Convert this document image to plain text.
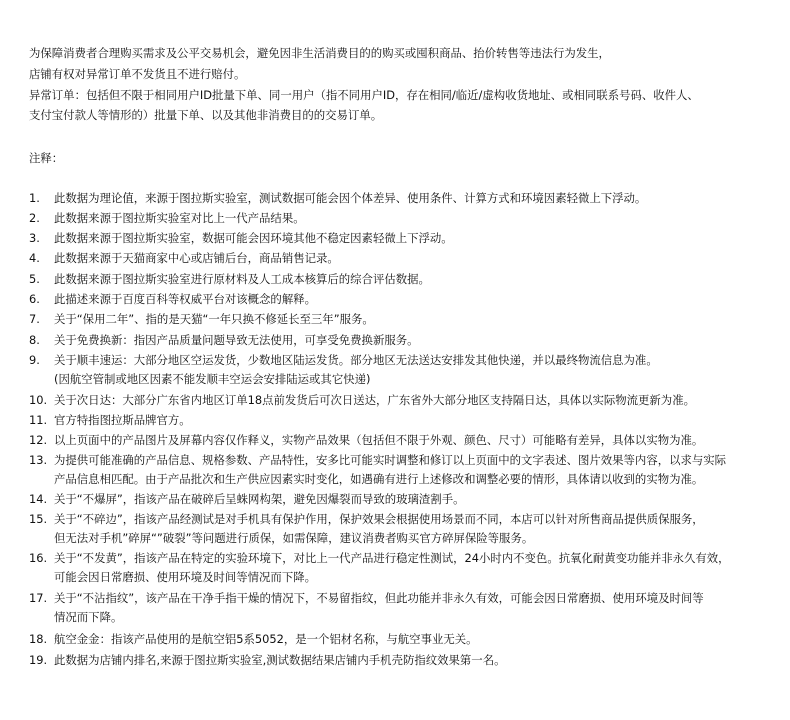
为保障消费者合理购买需求及公平交易机会，避免因非生活消费目的的购买或囤积商品、抬价转售等违法行为发生，
店铺有权对异常订单不发货且不进行赔付。
异常订单：包括但不限于相同用户ID批量下单、同一用户（指不同用户ID，存在相同/临近/虚构收货地址、或相同联系号码、收件人、
支付宝付款人等情形的）批量下单、以及其他非消费目的的交易订单。
注释：
1.	此数据为理论值，来源于图拉斯实验室，测试数据可能会因个体差异、使用条件、计算方式和环境因素轻微上下浮动。
2.	此数据来源于图拉斯实验室对比上一代产品结果。
3.	此数据来源于图拉斯实验室，数据可能会因环境其他不稳定因素轻微上下浮动。
4.	此数据来源于天猫商家中心或店铺后台，商品销售记录。
5.	此数据来源于图拉斯实验室进行原材料及人工成本核算后的综合评估数据。
6.	此描述来源于百度百科等权威平台对该概念的解释。
7.	关于“保用二年”、指的是天猫“一年只换不修延长至三年”服务。
8.	关于免费换新：指因产品质量问题导致无法使用，可享受免费换新服务。
9.	关于顺丰速运：大部分地区空运发货，少数地区陆运发货。部分地区无法送达安排发其他快递，并以最终物流信息为准。
(因航空管制或地区因素不能发顺丰空运会安排陆运或其它快递)
10. 关于次日达：大部分广东省内地区订单18点前发货后可次日送达，广东省外大部分地区支持隔日达，具体以实际物流更新为准。
11. 官方特指图拉斯品牌官方。
12. 以上页面中的产品图片及屏幕内容仅作释义，实物产品效果（包括但不限于外观、颜色、尺寸）可能略有差异，具体以实物为准。
13. 为提供可能准确的产品信息、规格参数、产品特性，安多比可能实时调整和修订以上页面中的文字表述、图片效果等内容，以求与实际
产品信息相匹配。由于产品批次和生产供应因素实时变化，如遇确有进行上述修改和调整必要的情形，具体请以收到的实物为准。
14. 关于“不爆屏”，指该产品在破碎后呈蛛网构架，避免因爆裂而导致的玻璃渣割手。
15. 关于“不碎边”，指该产品经测试是对手机具有保护作用，保护效果会根据使用场景而不同，本店可以针对所售商品提供质保服务，
但无法对手机”碎屏“”破裂”等问题进行质保，如需保障，建议消费者购买官方碎屏保险等服务。
16. 关于“不发黄”，指该产品在特定的实验环境下，对比上一代产品进行稳定性测试，24小时内不变色。抗氧化耐黄变功能并非永久有效，
可能会因日常磨损、使用环境及时间等情况而下降。
17. 关于“不沾指纹”，该产品在干净手指干燥的情况下，不易留指纹，但此功能并非永久有效，可能会因日常磨损、使用环境及时间等
情况而下降。
18. 航空金金：指该产品使用的是航空铝5系5052，是一个铝材名称，与航空事业无关。
19. 此数据为店铺内排名,来源于图拉斯实验室,测试数据结果店铺内手机壳防指纹效果第一名。
